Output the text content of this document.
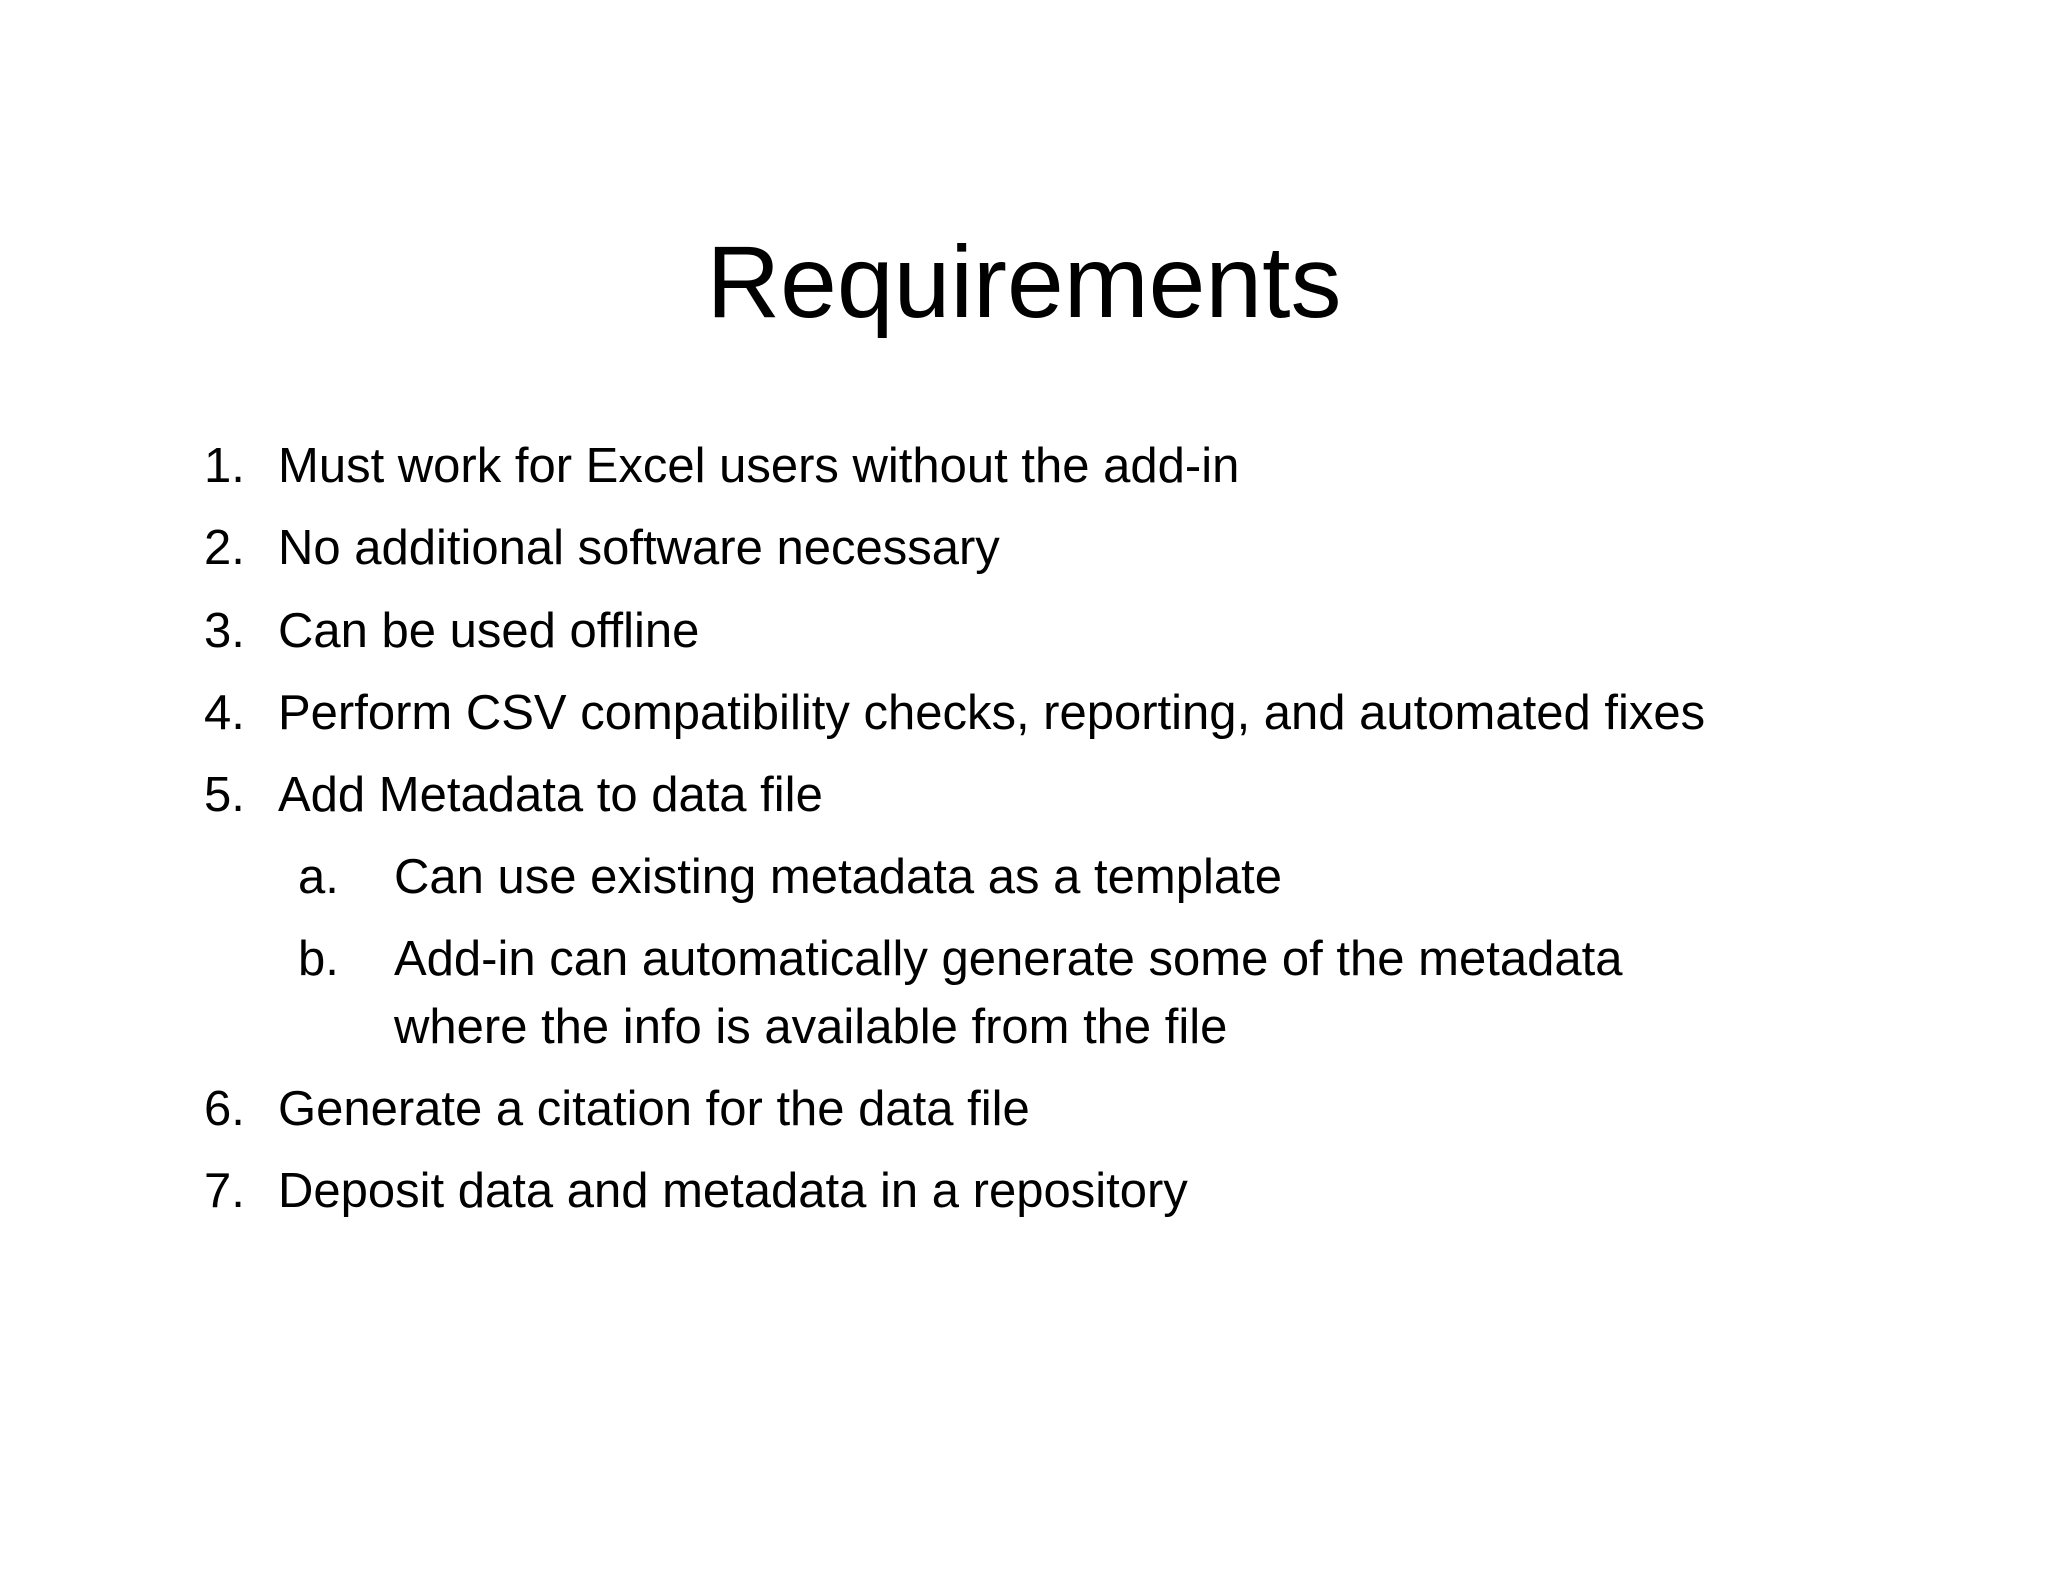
Requirements
1. Must work for Excel users without the add-in
2. No additional software necessary
3. Can be used offline
4. Perform CSV compatibility checks, reporting, and automated fixes
5. Add Metadata to data file
a. Can use existing metadata as a template
b. Add-in can automatically generate some of the metadata
where the info is available from the file
6. Generate a citation for the data file
7. Deposit data and metadata in a repository
